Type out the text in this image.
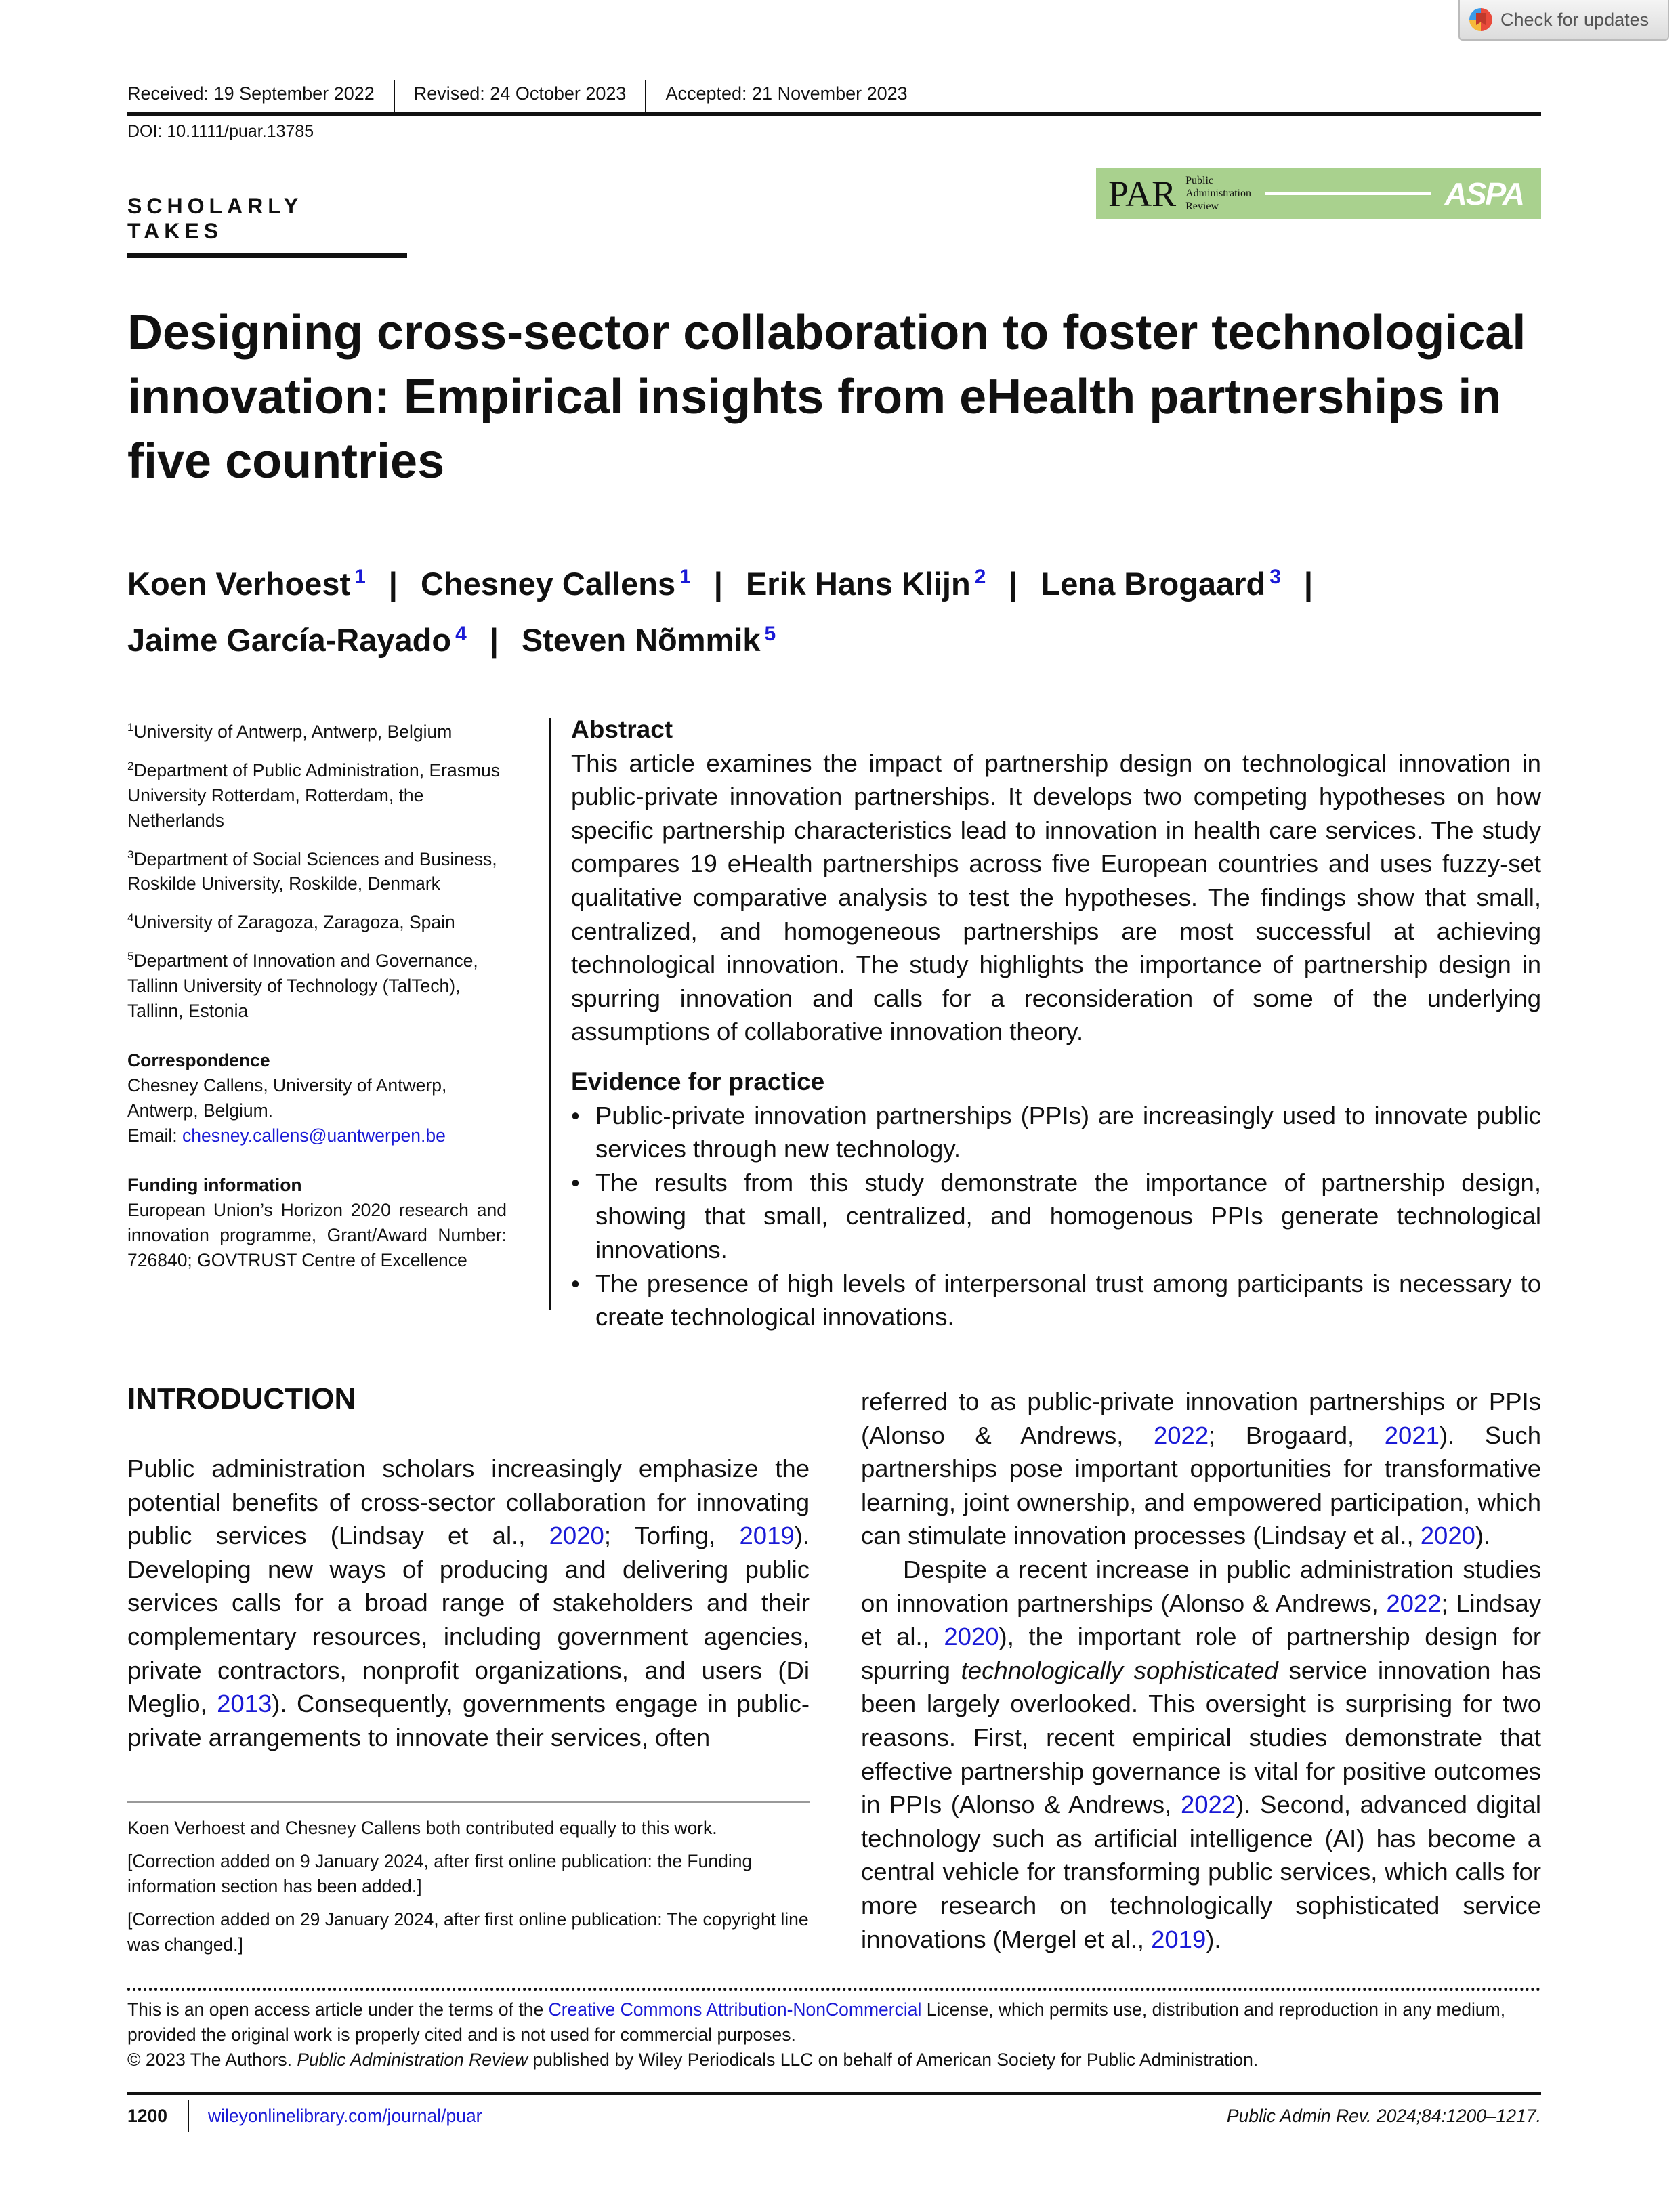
Check for updates
Received: 19 September 2022	Revised: 24 October 2023	Accepted: 21 November 2023
DOI: 10.1111/puar.13785
SCHOLARLY TAKES
PAR Public
Administration
Review	ASPA
Designing cross-sector collaboration to foster technological innovation: Empirical insights from eHealth partnerships in five countries
Koen Verhoest $^1$ | Chesney Callens $^1$ | Erik Hans Klijn $^2$ | Lena Brogaard $^3$ |
Jaime García-Rayado $^4$ | Steven Nõmmik $^5$

$^1$University of Antwerp, Antwerp, Belgium

$^2$Department of Public Administration, Erasmus University Rotterdam, Rotterdam, the Netherlands

$^3$Department of Social Sciences and Business, Roskilde University, Roskilde, Denmark

$^4$University of Zaragoza, Zaragoza, Spain

$^5$Department of Innovation and Governance, Tallinn University of Technology (TalTech), Tallinn, Estonia

Correspondence
Chesney Callens, University of Antwerp, Antwerp, Belgium.
Email: chesney.callens@uantwerpen.be
Funding information
European Union’s Horizon 2020 research and innovation programme, Grant/Award Number: 726840; GOVTRUST Centre of Excellence
Abstract

This article examines the impact of partnership design on technological innovation in public-private innovation partnerships. It develops two competing hypotheses on how specific partnership characteristics lead to innovation in health care services. The study compares 19 eHealth partnerships across five European countries and uses fuzzy-set qualitative comparative analysis to test the hypotheses. The findings show that small, centralized, and homogeneous partnerships are most successful at achieving technological innovation. The study highlights the importance of partnership design in spurring innovation and calls for a reconsideration of some of the underlying assumptions of collaborative innovation theory.

Evidence for practice
• Public-private innovation partnerships (PPIs) are increasingly used to innovate public services through new technology.
• The results from this study demonstrate the importance of partnership design, showing that small, centralized, and homogenous PPIs generate technological innovations.
• The presence of high levels of interpersonal trust among participants is necessary to create technological innovations.
INTRODUCTION

Public administration scholars increasingly emphasize the potential benefits of cross-sector collaboration for innovating public services (Lindsay et al., 2020; Torfing, 2019). Developing new ways of producing and delivering public services calls for a broad range of stakeholders and their complementary resources, including government agencies, private contractors, nonprofit organizations, and users (Di Meglio, 2013). Consequently, governments engage in public-private arrangements to innovate their services, often

referred to as public-private innovation partnerships or PPIs (Alonso & Andrews, 2022; Brogaard, 2021). Such partnerships pose important opportunities for transformative learning, joint ownership, and empowered participation, which can stimulate innovation processes (Lindsay et al., 2020).

Despite a recent increase in public administration studies on innovation partnerships (Alonso & Andrews, 2022; Lindsay et al., 2020), the important role of partnership design for spurring technologically sophisticated service innovation has been largely overlooked. This oversight is surprising for two reasons. First, recent empirical studies demonstrate that effective partnership governance is vital for positive outcomes in PPIs (Alonso & Andrews, 2022). Second, advanced digital technology such as artificial intelligence (AI) has become a central vehicle for transforming public services, which calls for more research on technologically sophisticated service innovations (Mergel et al., 2019).

Koen Verhoest and Chesney Callens both contributed equally to this work.

[Correction added on 9 January 2024, after first online publication: the Funding information section has been added.]

[Correction added on 29 January 2024, after first online publication: The copyright line was changed.]

This is an open access article under the terms of the Creative Commons Attribution-NonCommercial License, which permits use, distribution and reproduction in any medium, provided the original work is properly cited and is not used for commercial purposes.

© 2023 The Authors. Public Administration Review published by Wiley Periodicals LLC on behalf of American Society for Public Administration.

1200	wileyonlinelibrary.com/journal/puar	Public Admin Rev. 2024;84:1200–1217.
